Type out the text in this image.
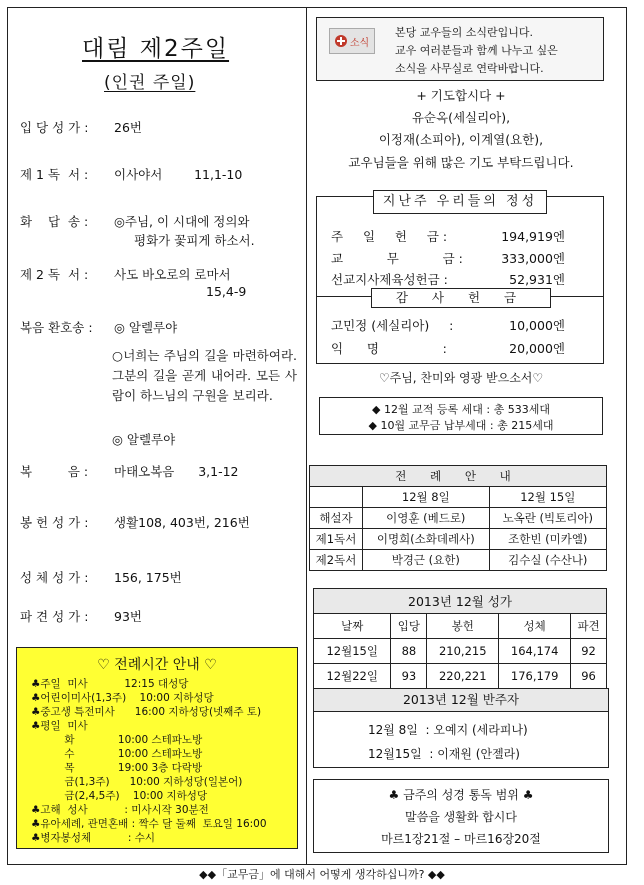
대림 제2주일
(인권 주일)
입 당 성 가 : 26번
제 1 독  서 : 이사야서        11,1-10
화    답  송 : ◎주님, 이 시대에 정의와
평화가 꽃피게 하소서.
제 2 독  서 : 사도 바오로의 로마서
15,4-9
복음 환호송 : ◎ 알렐루야
○너희는 주님의 길을 마련하여라. 그분의 길을 곧게 내어라. 모든 사람이 하느님의 구원을 보리라.
◎ 알렐루야
복         음 : 마태오복음      3,1-12
봉 헌 성 가 : 생활108, 403번, 216번
성 체 성 가 : 156, 175번
파 견 성 가 : 93번
♡ 전례시간 안내 ♡
♣주일  미사           12:15 대성당
♣어린이미사(1,3주)    10:00 지하성당
♣중고생 특전미사      16:00 지하성당(넷째주 토)
♣평일  미사
화             10:00 스테파노방
수             10:00 스테파노방
목             19:00 3층 다락방
금(1,3주)      10:00 지하성당(일본어)
금(2,4,5주)    10:00 지하성당
♣고해  성사           : 미사시작 30분전
♣유아세례, 관면혼배 : 짝수 달 둘째  토요일 16:00
♣병자봉성체           : 수시
소식
본당 교우들의 소식란입니다.
교우 여러분들과 함께 나누고 싶은
소식을 사무실로 연락바랍니다.
+ 기도합시다 +
유순옥(세실리아),
이정재(소피아), 이계열(요한),
교우님들을 위해 많은 기도 부탁드립니다.
지난주 우리들의 정성
주     일     헌     금 :	194,919엔
교           무           금 :	333,000엔
선교지사제육성헌금 :	52,931엔
감 사 헌 금
고민정 (세실리아)     :	10,000엔
익      명                :	20,000엔
♡주님, 찬미와 영광 받으소서♡
◆ 12월 교적 등록 세대 : 총 533세대
◆ 10월 교무금 납부세대 : 총 215세대
전 례 안 내		
	12월 8일	12월 15일
해설자	이영훈 (베드로)	노옥란 (빅토리아)
제1독서	이명희(소화데레사)	조한빈 (미카엘)
제2독서	박경근 (요한)	김수실 (수산나)
2013년 12월 성가				
날짜	입당	봉헌	성체	파견
12월15일	88	210,215	164,174	92
12월22일	93	220,221	176,179	96
2013년 12월 반주자
12월 8일  : 오예지 (세라피나)
12월15일  : 이재원 (안젤라)
♣ 금주의 성경 통독 범위 ♣
말씀을 생활화 합시다
마르1장21절 – 마르16장20절
◆◆「교무금」에 대해서 어떻게 생각하십니까? ◆◆
